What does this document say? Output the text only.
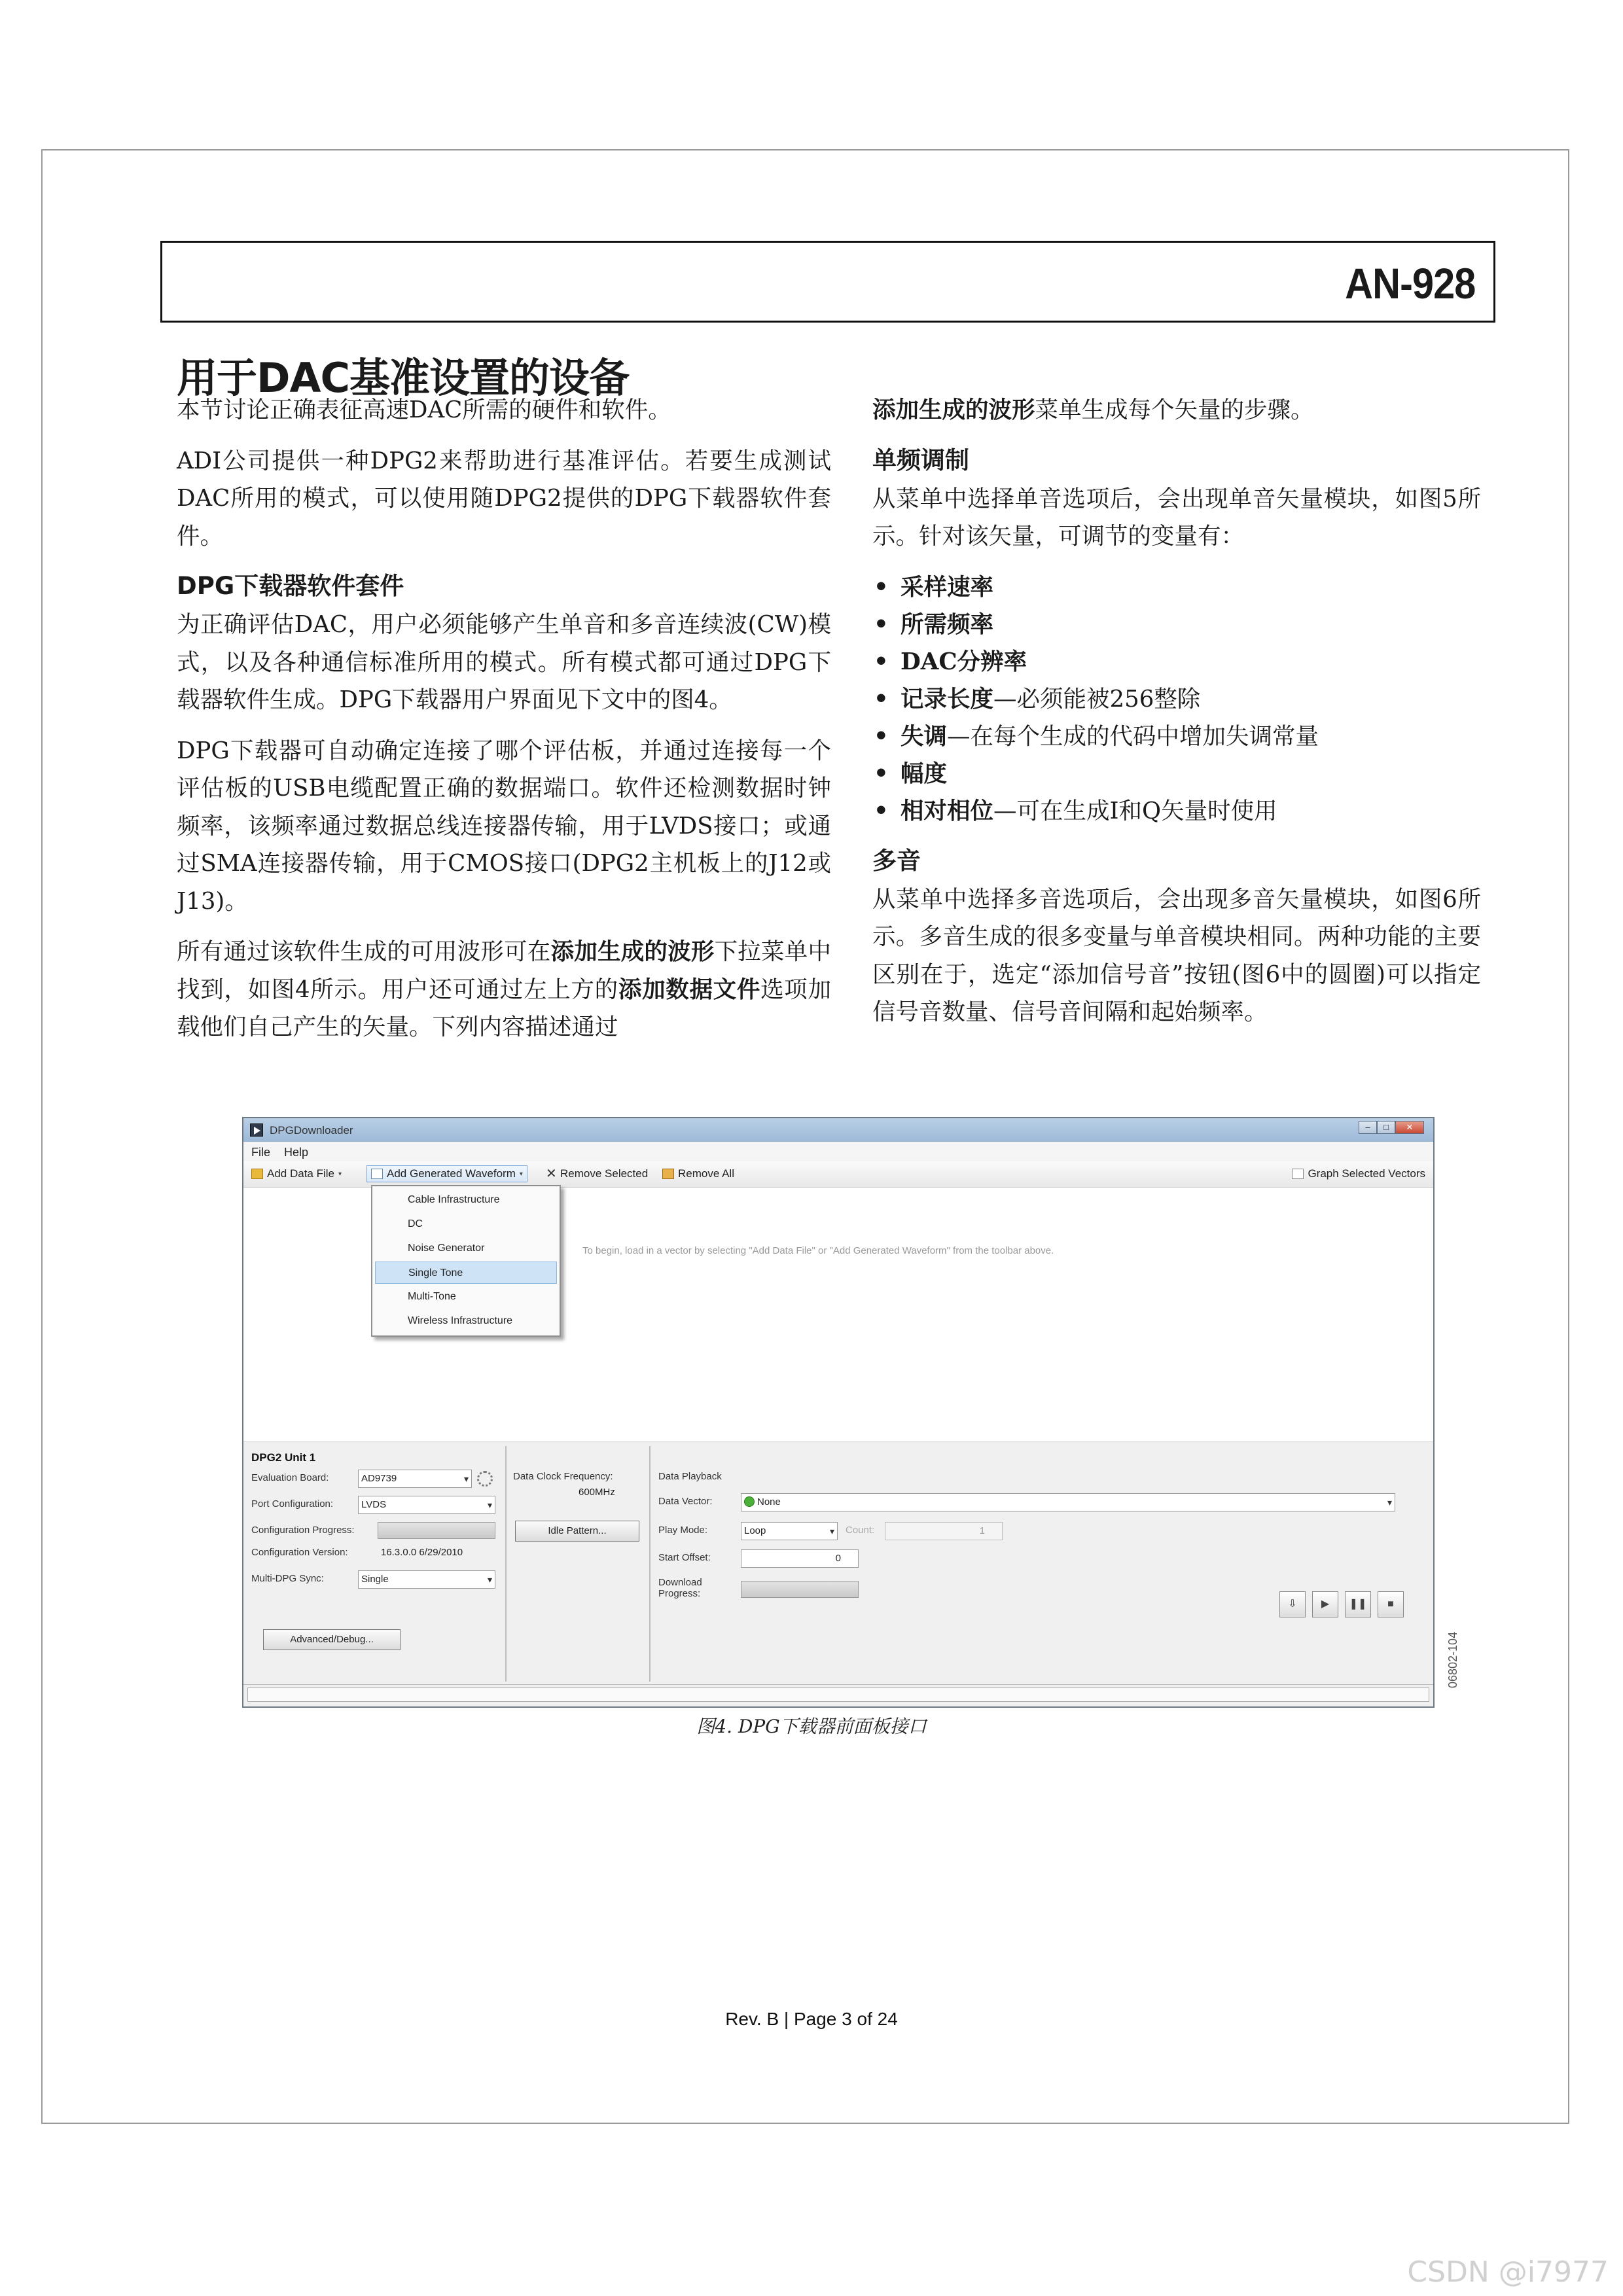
AN-928
用于DAC基准设置的设备

本节讨论正确表征高速DAC所需的硬件和软件。

ADI公司提供一种DPG2来帮助进行基准评估。若要生成测试DAC所用的模式，可以使用随DPG2提供的DPG下载器软件套件。

DPG下载器软件套件

为正确评估DAC，用户必须能够产生单音和多音连续波(CW)模式，以及各种通信标准所用的模式。所有模式都可通过DPG下载器软件生成。DPG下载器用户界面见下文中的图4。

DPG下载器可自动确定连接了哪个评估板，并通过连接每一个评估板的USB电缆配置正确的数据端口。软件还检测数据时钟频率，该频率通过数据总线连接器传输，用于LVDS接口；或通过SMA连接器传输，用于CMOS接口(DPG2主机板上的J12或J13)。

所有通过该软件生成的可用波形可在添加生成的波形下拉菜单中找到，如图4所示。用户还可通过左上方的添加数据文件选项加载他们自己产生的矢量。下列内容描述通过

添加生成的波形菜单生成每个矢量的步骤。

单频调制

从菜单中选择单音选项后，会出现单音矢量模块，如图5所示。针对该矢量，可调节的变量有：

• 采样速率
• 所需频率
• DAC分辨率
• 记录长度—必须能被256整除
• 失调—在每个生成的代码中增加失调常量
• 幅度
• 相对相位—可在生成I和Q矢量时使用
多音

从菜单中选择多音选项后，会出现多音矢量模块，如图6所示。多音生成的很多变量与单音模块相同。两种功能的主要区别在于，选定“添加信号音”按钮(图6中的圆圈)可以指定信号音数量、信号音间隔和起始频率。

DPGDownloader	–	□	✕
File Help
Add Data File ▾	Add Generated Waveform ▾ ✕ Remove Selected	Remove All	Graph Selected Vectors
To begin, load in a vector by selecting "Add Data File" or "Add Generated Waveform" from the toolbar above.
Cable Infrastructure
DC
Noise Generator
Single Tone
Multi-Tone
Wireless Infrastructure
DPG2 Unit 1
Evaluation Board:	AD9739 ▾
Port Configuration:	LVDS ▾
Configuration Progress:
Configuration Version:	16.3.0.0 6/29/2010
Multi-DPG Sync:	Single ▾
Advanced/Debug...
Data Clock Frequency:
600MHz
Idle Pattern...
Data Playback
Data Vector:	None ▾
Play Mode:	Loop ▾	Count:	1
Start Offset:	0
Download Progress:
⇩	▶	❚❚	■
06802-104
图4. DPG下载器前面板接口
Rev. B | Page 3 of 24
CSDN @i7977
